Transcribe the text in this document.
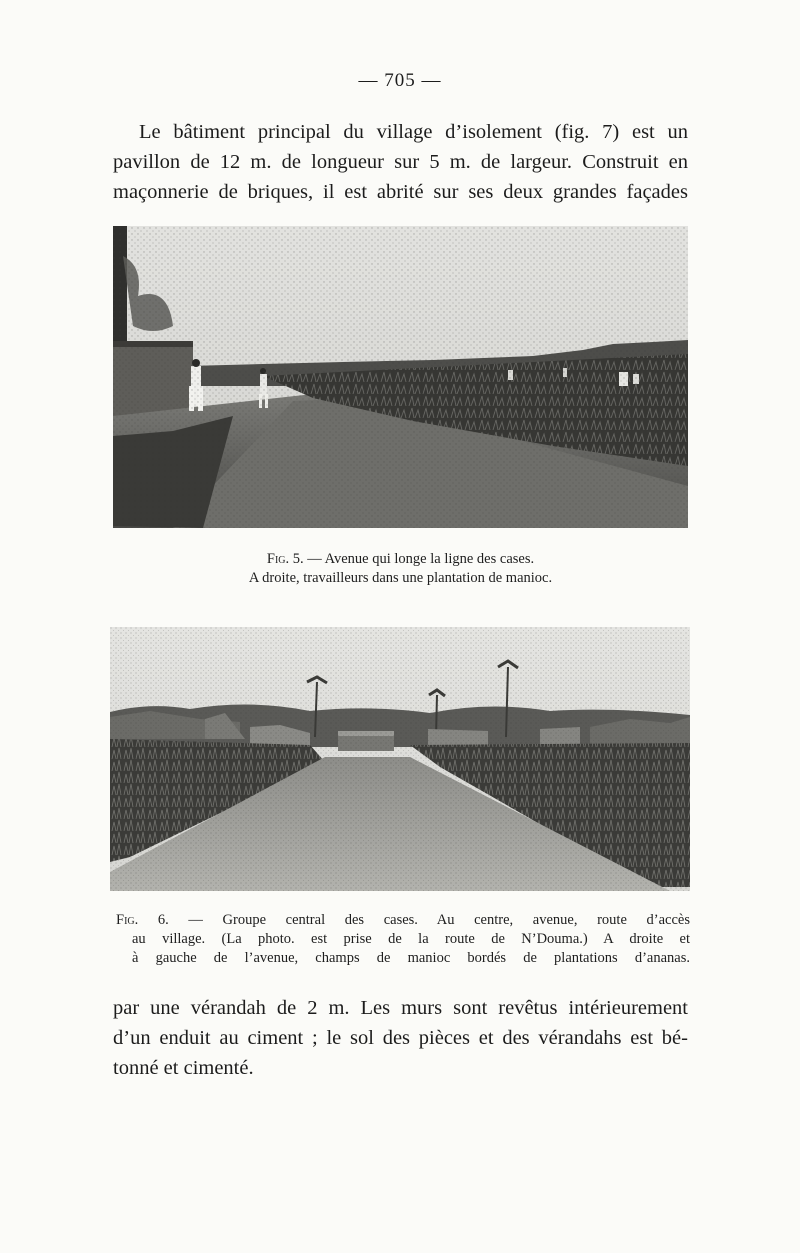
— 705 —

Le bâtiment principal du village d’isolement (fig. 7) est un
pavillon de 12 m. de longueur sur 5 m. de largeur. Construit en
maçonnerie de briques, il est abrité sur ses deux grandes façades

Fig. 5. — Avenue qui longe la ligne des cases.
A droite, travailleurs dans une plantation de manioc.
Fig. 6. — Groupe central des cases. Au centre, avenue, route d’accès
au village. (La photo. est prise de la route de N’Douma.) A droite et
à gauche de l’avenue, champs de manioc bordés de plantations d’ananas.

par une vérandah de 2 m. Les murs sont revêtus intérieurement
d’un enduit au ciment ; le sol des pièces et des vérandahs est bé-
tonné et cimenté.
